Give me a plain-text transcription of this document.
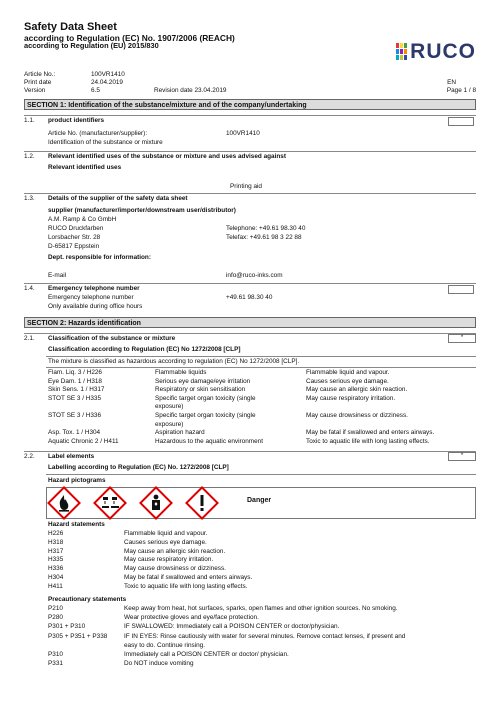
Safety Data Sheet
according to Regulation (EC) No. 1907/2006 (REACH)
according to Regulation (EU) 2015/830	RUCO
Article No.:	100VR1410
Print date	24.04.2019	EN
Version	6.5	Revision date 23.04.2019	Page 1 / 8
SECTION 1: Identification of the substance/mixture and of the company/undertaking
1.1.	product identifiers
Article No. (manufacturer/supplier):	100VR1410
Identification of the substance or mixture
1.2.	Relevant identified uses of the substance or mixture and uses advised against
Relevant identified uses
Printing aid
1.3.	Details of the supplier of the safety data sheet
supplier (manufacturer/importer/downstream user/distributor)
A.M. Ramp & Co GmbH
RUCO Druckfarben	Telephone: +49.61 98.30 40
Lorsbacher Str. 28	Telefax: +49.61 98 3 22 88
D-65817 Eppstein
Dept. responsible for information:
E-mail	info@ruco-inks.com
1.4.	Emergency telephone number
Emergency telephone number	+49.61 98.30 40
Only available during office hours
SECTION 2: Hazards identification
2.1.	Classification of the substance or mixture	*
Classification according to Regulation (EC) No 1272/2008 [CLP]
The mixture is classified as hazardous according to regulation (EC) No 1272/2008 [CLP].
Flam. Liq. 3 / H226	Flammable liquids	Flammable liquid and vapour.
Eye Dam. 1 / H318	Serious eye damage/eye irritation	Causes serious eye damage.
Skin Sens. 1 / H317	Respiratory or skin sensitisation	May cause an allergic skin reaction.
STOT SE 3 / H335	Specific target organ toxicity (single	May cause respiratory irritation.
exposure)
STOT SE 3 / H336	Specific target organ toxicity (single	May cause drowsiness or dizziness.
exposure)
Asp. Tox. 1 / H304	Aspiration hazard	May be fatal if swallowed and enters airways.
Aquatic Chronic 2 / H411	Hazardous to the aquatic environment	Toxic to aquatic life with long lasting effects.
2.2.	Label elements	*
Labelling according to Regulation (EC) No. 1272/2008 [CLP]
Hazard pictograms
Danger
Hazard statements
H226	Flammable liquid and vapour.
H318	Causes serious eye damage.
H317	May cause an allergic skin reaction.
H335	May cause respiratory irritation.
H336	May cause drowsiness or dizziness.
H304	May be fatal if swallowed and enters airways.
H411	Toxic to aquatic life with long lasting effects.
Precautionary statements
P210	Keep away from heat, hot surfaces, sparks, open flames and other ignition sources. No smoking.
P280	Wear protective gloves and eye/face protection.
P301 + P310	IF SWALLOWED: Immediately call a POISON CENTER or doctor/physician.
P305 + P351 + P338	IF IN EYES: Rinse cautiously with water for several minutes. Remove contact lenses, if present and
easy to do. Continue rinsing.
P310	Immediately call a POISON CENTER or doctor/ physician.
P331	Do NOT induce vomiting
